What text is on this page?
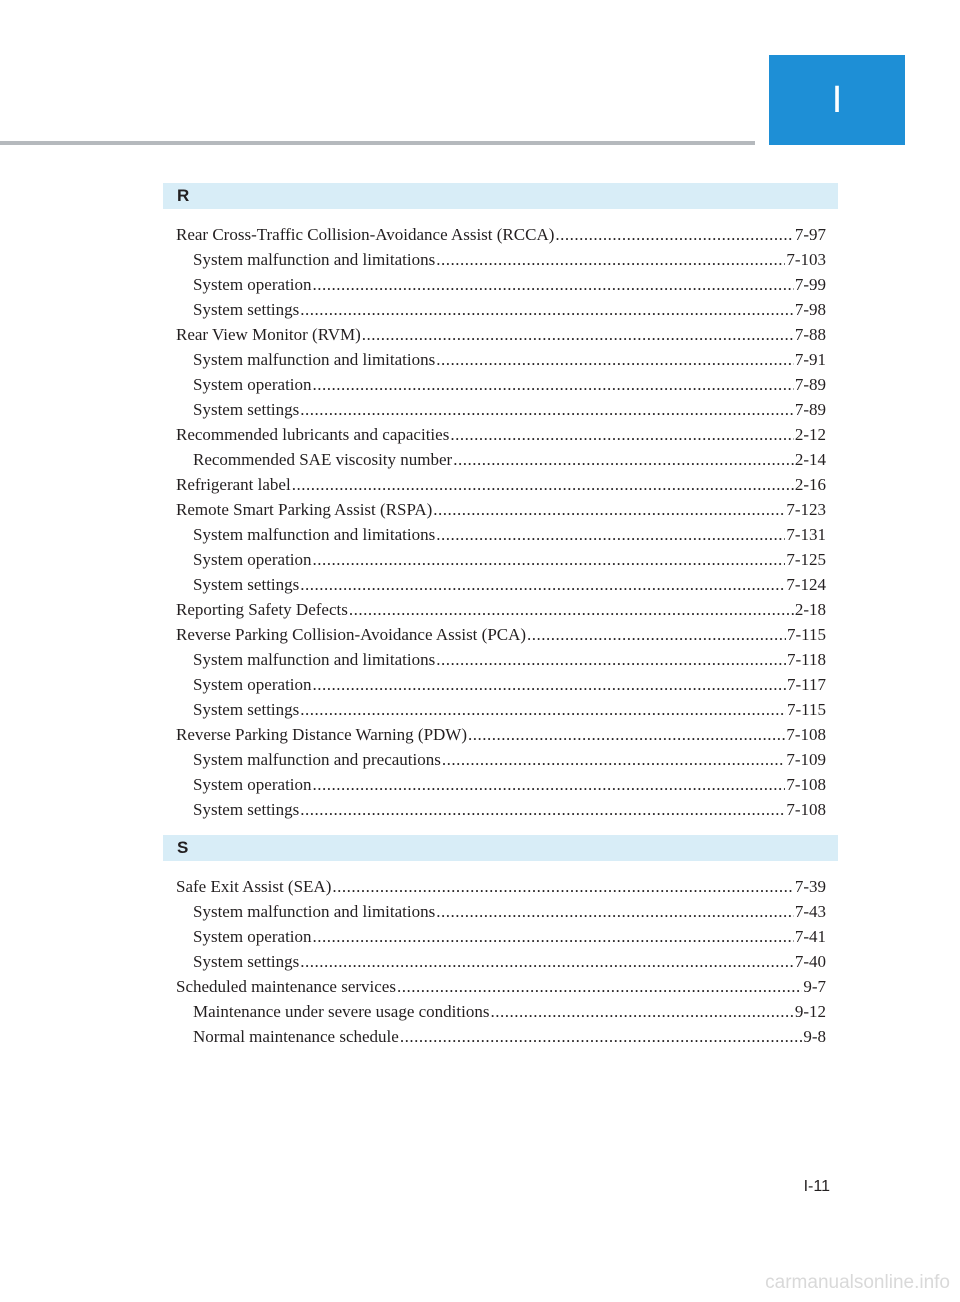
I
R
Rear Cross-Traffic Collision-Avoidance Assist (RCCA) .....	7-97
System malfunction and limitations .....	7-103
System operation .....	7-99
System settings .....	7-98
Rear View Monitor (RVM) .....	7-88
System malfunction and limitations .....	7-91
System operation .....	7-89
System settings .....	7-89
Recommended lubricants and capacities .....	2-12
Recommended SAE viscosity number .....	2-14
Refrigerant label .....	2-16
Remote Smart Parking Assist (RSPA) .....	7-123
System malfunction and limitations .....	7-131
System operation .....	7-125
System settings .....	7-124
Reporting Safety Defects .....	2-18
Reverse Parking Collision-Avoidance Assist (PCA) .....	7-115
System malfunction and limitations .....	7-118
System operation .....	7-117
System settings .....	7-115
Reverse Parking Distance Warning (PDW) .....	7-108
System malfunction and precautions .....	7-109
System operation .....	7-108
System settings .....	7-108
S
Safe Exit Assist (SEA) .....	7-39
System malfunction and limitations .....	7-43
System operation .....	7-41
System settings .....	7-40
Scheduled maintenance services .....	9-7
Maintenance under severe usage conditions .....	9-12
Normal maintenance schedule .....	9-8
I-11
carmanualsonline.info
